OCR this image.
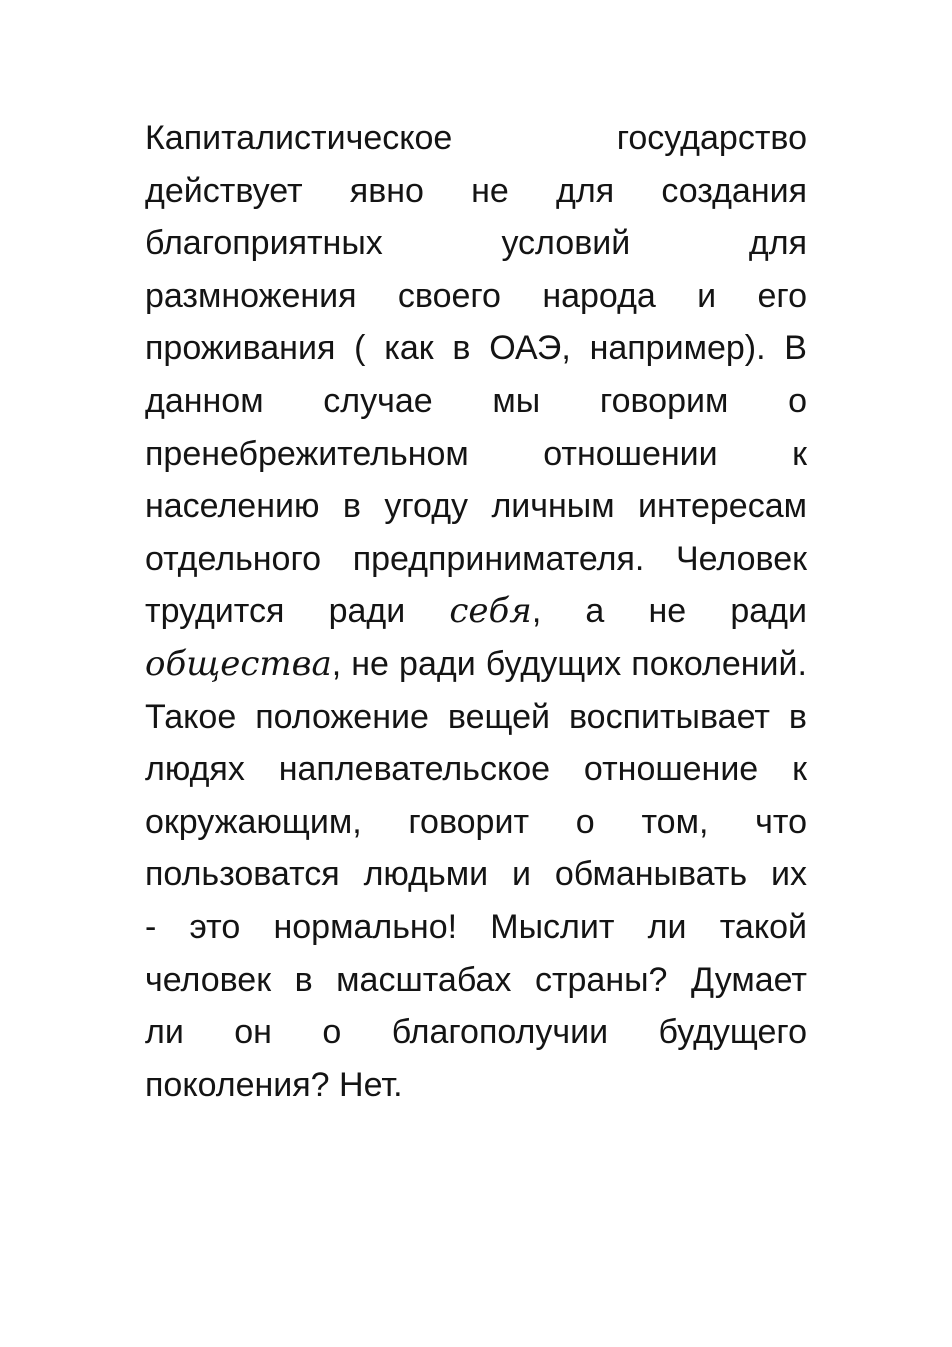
Капиталистическое государство
действует явно не для создания
благоприятных условий для
размножения своего народа и его
проживания ( как в ОАЭ, например). В
данном случае мы говорим о
пренебрежительном отношении к
населению в угоду личным интересам
отдельного предпринимателя. Человек
трудится ради себя, а не ради
общества, не ради будущих поколений.
Такое положение вещей воспитывает в
людях наплевательское отношение к
окружающим, говорит о том, что
пользоватся людьми и обманывать их
- это нормально! Мыслит ли такой
человек в масштабах страны? Думает
ли он о благополучии будущего
поколения? Нет.
